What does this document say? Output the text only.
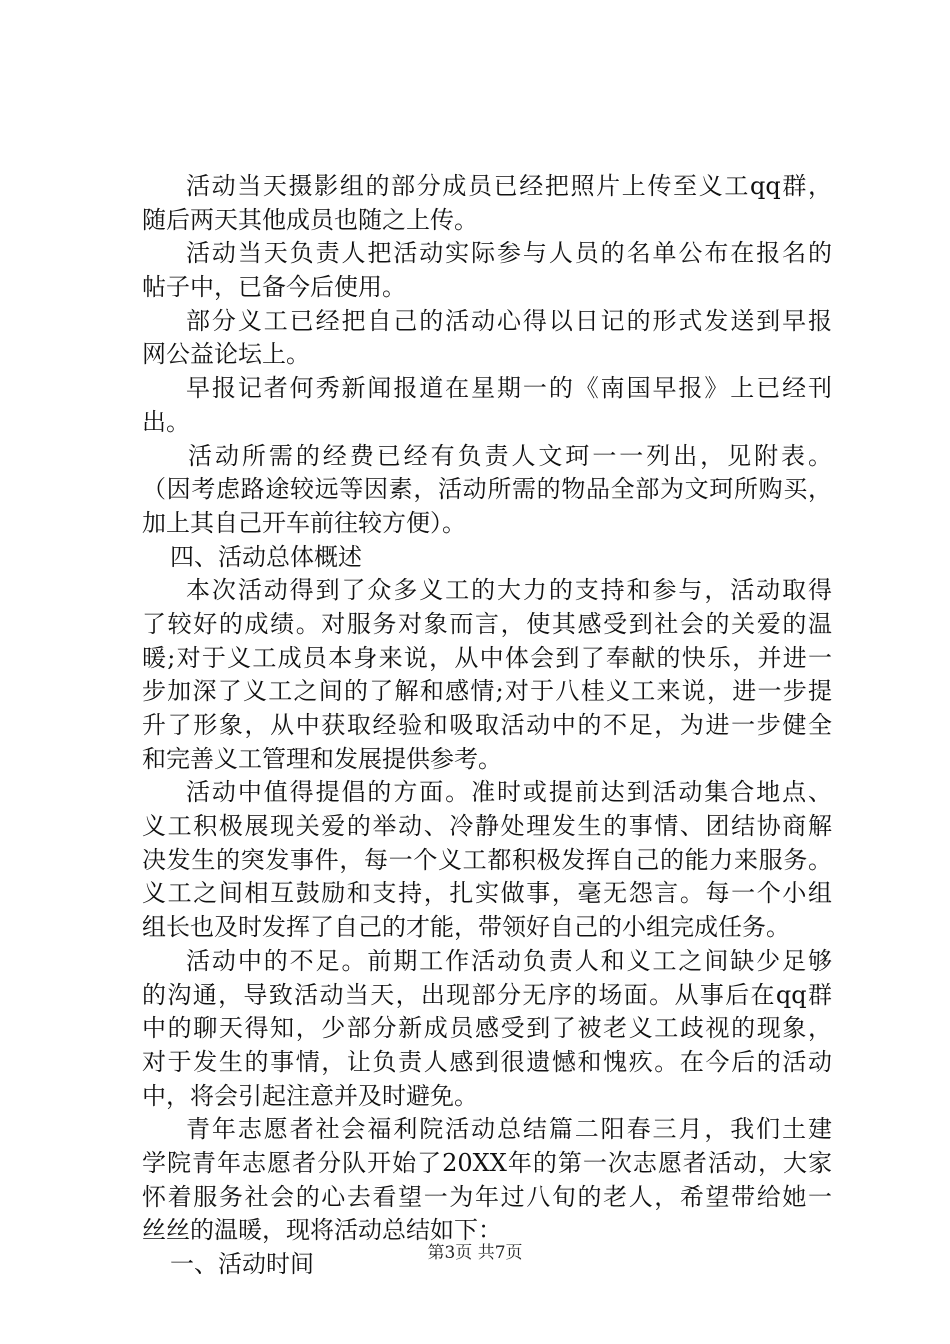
活动当天摄影组的部分成员已经把照片上传至义工qq群，
随后两天其他成员也随之上传。
活动当天负责人把活动实际参与人员的名单公布在报名的
帖子中，已备今后使用。
部分义工已经把自己的活动心得以日记的形式发送到早报
网公益论坛上。
早报记者何秀新闻报道在星期一的《南国早报》上已经刊
出。
活动所需的经费已经有负责人文珂一一列出，见附表。
（因考虑路途较远等因素，活动所需的物品全部为文珂所购买，
加上其自己开车前往较方便）。
四、活动总体概述
本次活动得到了众多义工的大力的支持和参与，活动取得
了较好的成绩。对服务对象而言，使其感受到社会的关爱的温
暖;对于义工成员本身来说，从中体会到了奉献的快乐，并进一
步加深了义工之间的了解和感情;对于八桂义工来说，进一步提
升了形象，从中获取经验和吸取活动中的不足，为进一步健全
和完善义工管理和发展提供参考。
活动中值得提倡的方面。准时或提前达到活动集合地点、
义工积极展现关爱的举动、冷静处理发生的事情、团结协商解
决发生的突发事件，每一个义工都积极发挥自己的能力来服务。
义工之间相互鼓励和支持，扎实做事，毫无怨言。每一个小组
组长也及时发挥了自己的才能，带领好自己的小组完成任务。
活动中的不足。前期工作活动负责人和义工之间缺少足够
的沟通，导致活动当天，出现部分无序的场面。从事后在qq群
中的聊天得知，少部分新成员感受到了被老义工歧视的现象，
对于发生的事情，让负责人感到很遗憾和愧疚。在今后的活动
中，将会引起注意并及时避免。
青年志愿者社会福利院活动总结篇二阳春三月，我们土建
学院青年志愿者分队开始了20XX年的第一次志愿者活动，大家
怀着服务社会的心去看望一为年过八旬的老人，希望带给她一
丝丝的温暖，现将活动总结如下：
一、活动时间	第3页 共7页
